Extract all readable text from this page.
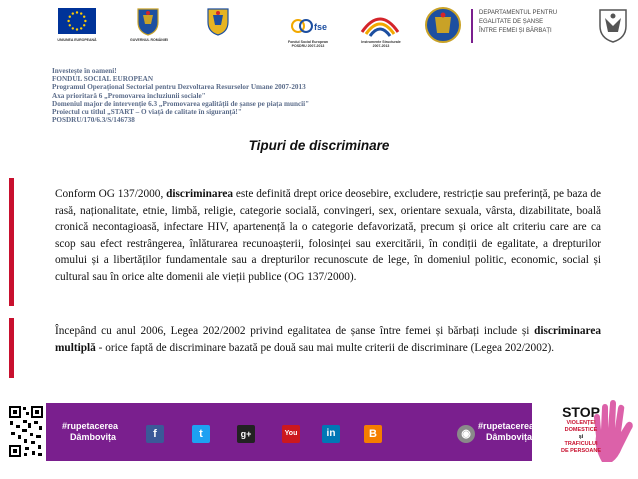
UNIUNEA EUROPEANĂ	GUVERNUL ROMÂNIEI
fse
Fondul Social European
POSDRU 2007-2013
Instrumente Structurale
2007-2013
DEPARTAMENTUL PENTRU
EGALITATE DE ȘANSE
ÎNTRE FEMEI ȘI BĂRBAȚI
Investește în oameni!
FONDUL SOCIAL EUROPEAN
Programul Operațional Sectorial pentru Dezvoltarea Resurselor Umane 2007-2013
Axa prioritară 6 „Promovarea incluziunii sociale"
Domeniul major de intervenție 6.3 „Promovarea egalității de șanse pe piața muncii"
Proiectul cu titlul „START – O viață de calitate în siguranță!"
POSDRU/170/6.3/S/146738
Tipuri de discriminare
Conform OG 137/2000, discriminarea este definită drept orice deosebire, excludere, restricție sau preferință, pe baza de rasă, naționalitate, etnie, limbă, religie, categorie socială, convingeri, sex, orientare sexuala, vârsta, dizabilitate, boală cronică necontagioasă, infectare HIV, apartenență la o categorie defavorizată, precum și orice alt criteriu care are ca scop sau efect restrângerea, înlăturarea recunoașterii, folosinței sau exercitării, în condiții de egalitate, a drepturilor omului și a libertăților fundamentale sau a drepturilor recunoscute de lege, în domeniul politic, economic, social și cultural sau în orice alte domenii ale vieții publice (OG 137/2000).
Începând cu anul 2006, Legea 202/2002 privind egalitatea de șanse între femei și bărbați include și discriminarea multiplă - orice faptă de discriminare bazată pe două sau mai multe criterii de discriminare (Legea 202/2002).
#rupetacerea
Dâmbovița	f	t	g+	You	in	B	◉
#rupetacerea
Dâmbovița
STOP
VIOLENȚEI
DOMESTICE
și
TRAFICULUI
DE PERSOANE
